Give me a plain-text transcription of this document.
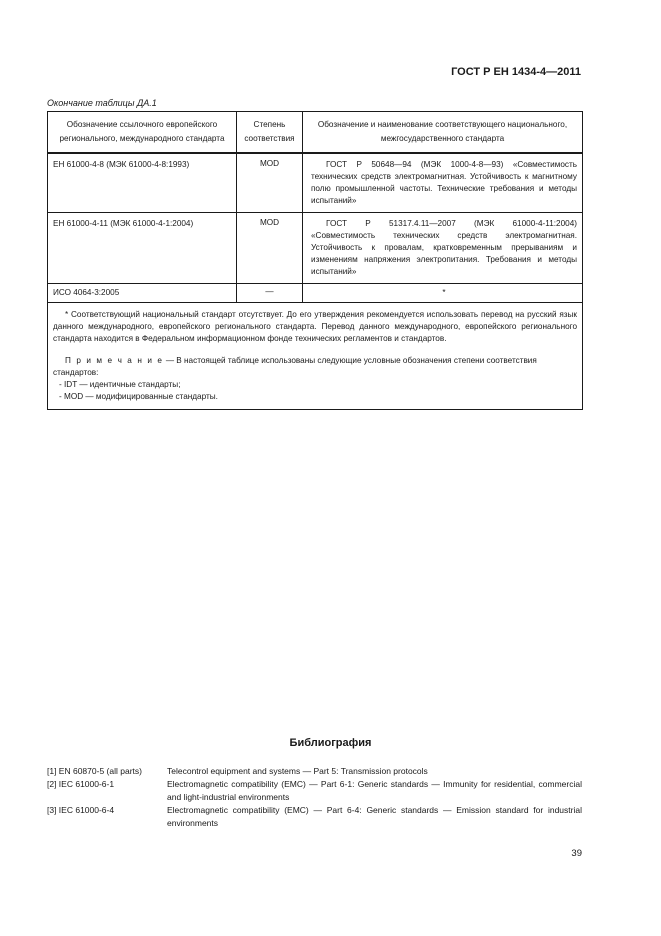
ГОСТ Р ЕН 1434-4—2011
Окончание таблицы ДА.1
Обозначение ссылочного европейского регионального, международного стандарта	Степень соответствия	Обозначение и наименование соответствующего национального, межгосударственного стандарта
ЕН 61000-4-8 (МЭК 61000-4-8:1993)	MOD	ГОСТ Р 50648—94 (МЭК 1000-4-8—93) «Совместимость технических средств электромагнитная. Устойчивость к магнитному полю промышленной частоты. Технические требования и методы испытаний»

ЕН 61000-4-11 (МЭК 61000-4-1:2004)	MOD	ГОСТ Р 51317.4.11—2007 (МЭК 61000-4-11:2004) «Совместимость технических средств электромагнитная. Устойчивость к провалам, кратковременным прерываниям и изменениям напряжения электропитания. Требования и методы испытаний»

ИСО 4064-3:2005	—	*

* Соответствующий национальный стандарт отсутствует. До его утверждения рекомендуется использовать перевод на русский язык данного международного, европейского регионального стандарта. Перевод данного международного, европейского регионального стандарта находится в Федеральном информационном фонде технических регламентов и стандартов.

П р и м е ч а н и е — В настоящей таблице использованы следующие условные обозначения степени соответствия стандартов:

- IDT — идентичные стандарты;

- MOD — модифицированные стандарты.		

Библиография
[1] EN 60870-5 (all parts)	Telecontrol equipment and systems — Part 5: Transmission protocols
[2] IEC 61000-6-1	Electromagnetic compatibility (EMC) — Part 6-1: Generic standards — Immunity for residential, commercial and light-industrial environments
[3] IEC 61000-6-4	Electromagnetic compatibility (EMC) — Part 6-4: Generic standards — Emission standard for industrial environments
39
